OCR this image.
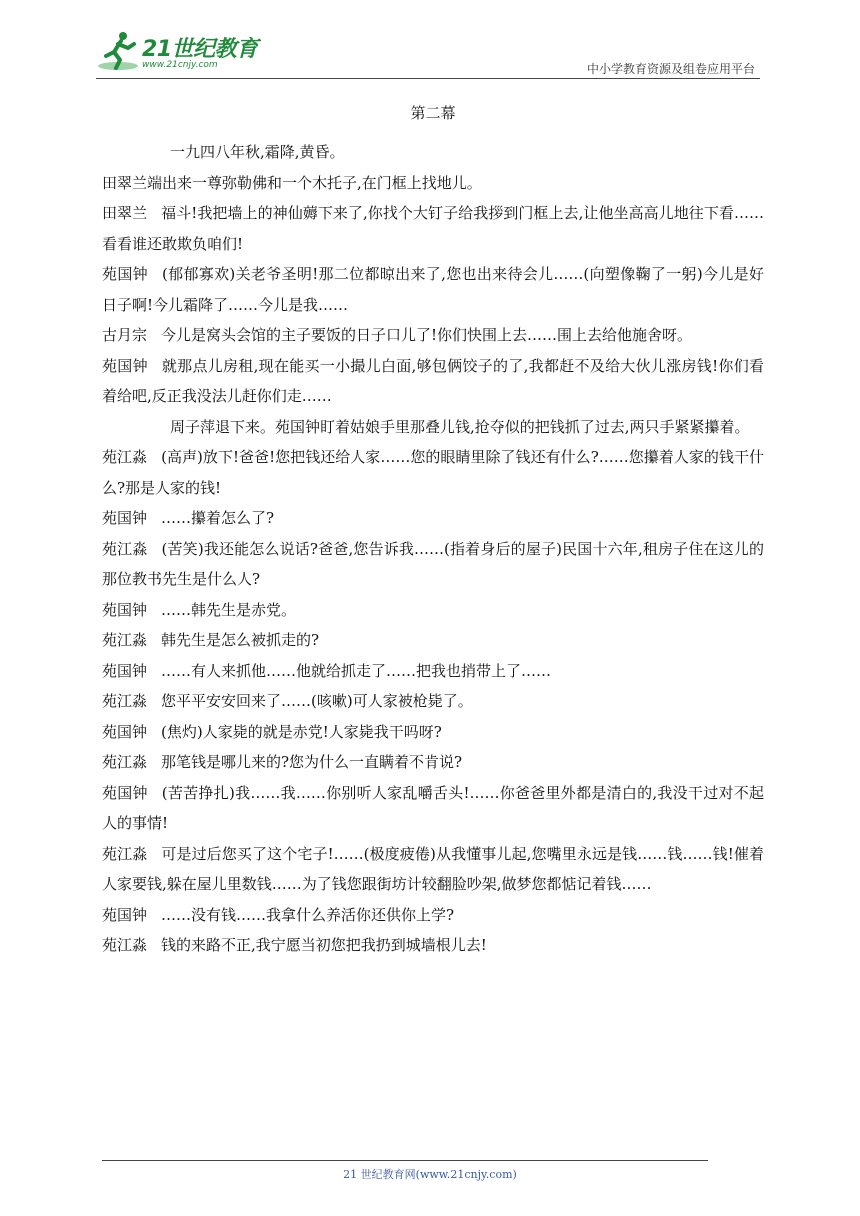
21世纪教育
www.21cnjy.com	中小学教育资源及组卷应用平台
第二幕

一九四八年秋,霜降,黄昏。

田翠兰端出来一尊弥勒佛和一个木托子,在门框上找地儿。

田翠兰 福斗!我把墙上的神仙薅下来了,你找个大钉子给我拶到门框上去,让他坐高高儿地往下看……看看谁还敢欺负咱们!

苑国钟 (郁郁寡欢)关老爷圣明!那二位都晾出来了,您也出来待会儿……(向塑像鞠了一躬)今儿是好日子啊!今儿霜降了……今儿是我……

古月宗 今儿是窝头会馆的主子要饭的日子口儿了!你们快围上去……围上去给他施舍呀。

苑国钟 就那点儿房租,现在能买一小撮儿白面,够包俩饺子的了,我都赶不及给大伙儿涨房钱!你们看着给吧,反正我没法儿赶你们走……

周子萍退下来。苑国钟盯着姑娘手里那叠儿钱,抢夺似的把钱抓了过去,两只手紧紧攥着。

苑江淼 (高声)放下!爸爸!您把钱还给人家……您的眼睛里除了钱还有什么?……您攥着人家的钱干什么?那是人家的钱!

苑国钟 ……攥着怎么了?

苑江淼 (苦笑)我还能怎么说话?爸爸,您告诉我……(指着身后的屋子)民国十六年,租房子住在这儿的那位教书先生是什么人?

苑国钟 ……韩先生是赤党。

苑江淼 韩先生是怎么被抓走的?

苑国钟 ……有人来抓他……他就给抓走了……把我也捎带上了……

苑江淼 您平平安安回来了……(咳嗽)可人家被枪毙了。

苑国钟 (焦灼)人家毙的就是赤党!人家毙我干吗呀?

苑江淼 那笔钱是哪儿来的?您为什么一直瞒着不肯说?

苑国钟 (苦苦挣扎)我……我……你别听人家乱嚼舌头!……你爸爸里外都是清白的,我没干过对不起人的事情!

苑江淼 可是过后您买了这个宅子!……(极度疲倦)从我懂事儿起,您嘴里永远是钱……钱……钱!催着人家要钱,躲在屋儿里数钱……为了钱您跟街坊计较翻脸吵架,做梦您都惦记着钱……

苑国钟 ……没有钱……我拿什么养活你还供你上学?

苑江淼 钱的来路不正,我宁愿当初您把我扔到城墙根儿去!

21 世纪教育网(www.21cnjy.com)
